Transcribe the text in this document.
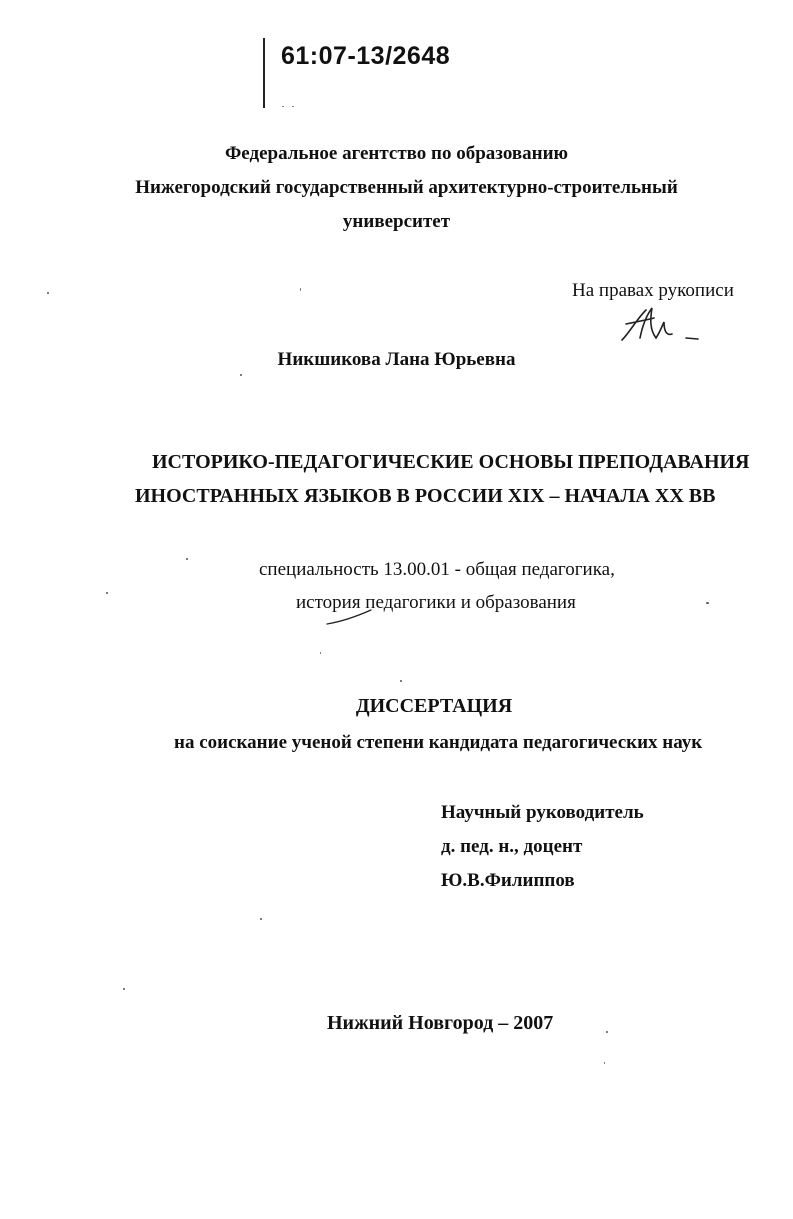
61:07-13/2648
Федеральное агентство по образованию
Нижегородский государственный архитектурно-строительный
университет
На правах рукописи
Никшикова Лана Юрьевна
ИСТОРИКО-ПЕДАГОГИЧЕСКИЕ ОСНОВЫ ПРЕПОДАВАНИЯ
ИНОСТРАННЫХ ЯЗЫКОВ В РОССИИ XIX – НАЧАЛА XX ВВ
специальность 13.00.01 - общая педагогика,
история педагогики и образования
ДИССЕРТАЦИЯ
на соискание ученой степени кандидата педагогических наук
Научный руководитель
д. пед. н., доцент
Ю.В.Филиппов
Нижний Новгород – 2007
